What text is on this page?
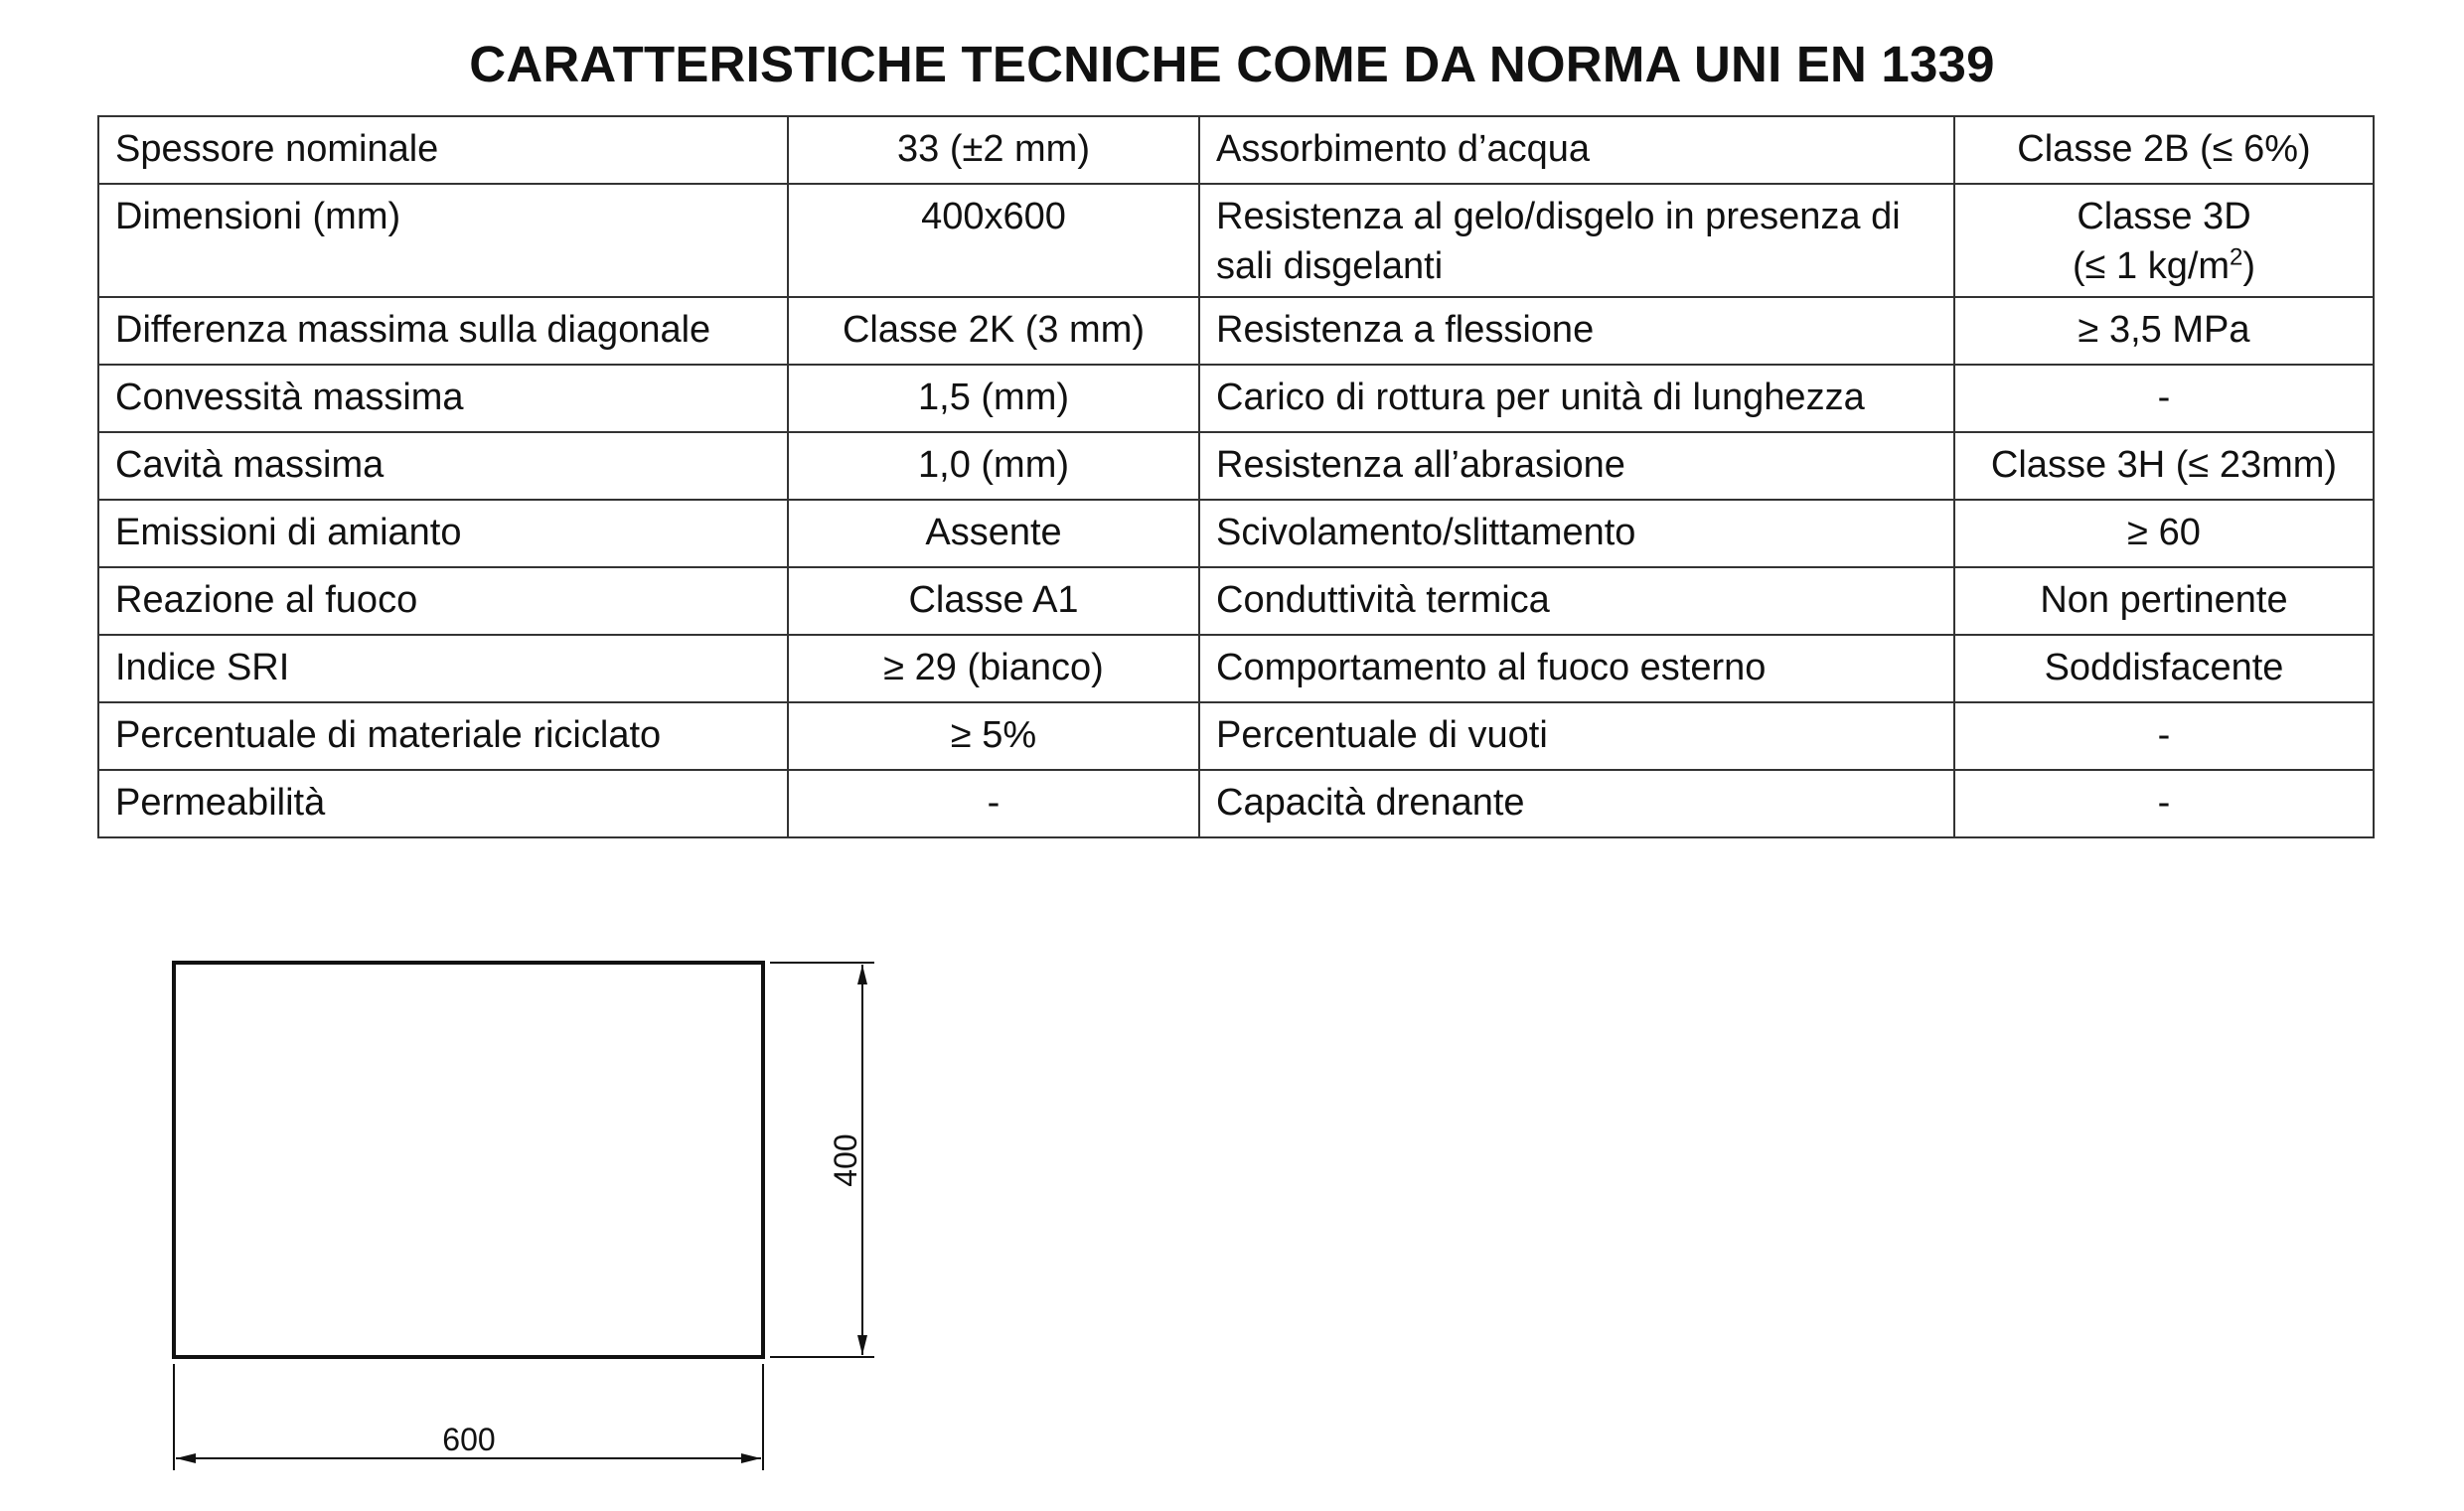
CARATTERISTICHE TECNICHE COME DA NORMA UNI EN 1339
Spessore nominale	33 (±2 mm)	Assorbimento d’acqua	Classe 2B (≤ 6%)
Dimensioni (mm)	400x600	Resistenza al gelo/disgelo in presenza di sali disgelanti	Classe 3D
(≤ 1 $kg/m^2$)
Differenza massima sulla diagonale	Classe 2K (3 mm)	Resistenza a flessione	≥ 3,5 MPa
Convessità massima	1,5 (mm)	Carico di rottura per unità di lunghezza	-
Cavità massima	1,0 (mm)	Resistenza all’abrasione	Classe 3H (≤ 23mm)
Emissioni di amianto	Assente	Scivolamento/slittamento	≥ 60
Reazione al fuoco	Classe A1	Conduttività termica	Non pertinente
Indice SRI	≥ 29 (bianco)	Comportamento al fuoco esterno	Soddisfacente
Percentuale di materiale riciclato	≥ 5%	Percentuale di vuoti	-
Permeabilità	-	Capacità drenante	-
400
600
